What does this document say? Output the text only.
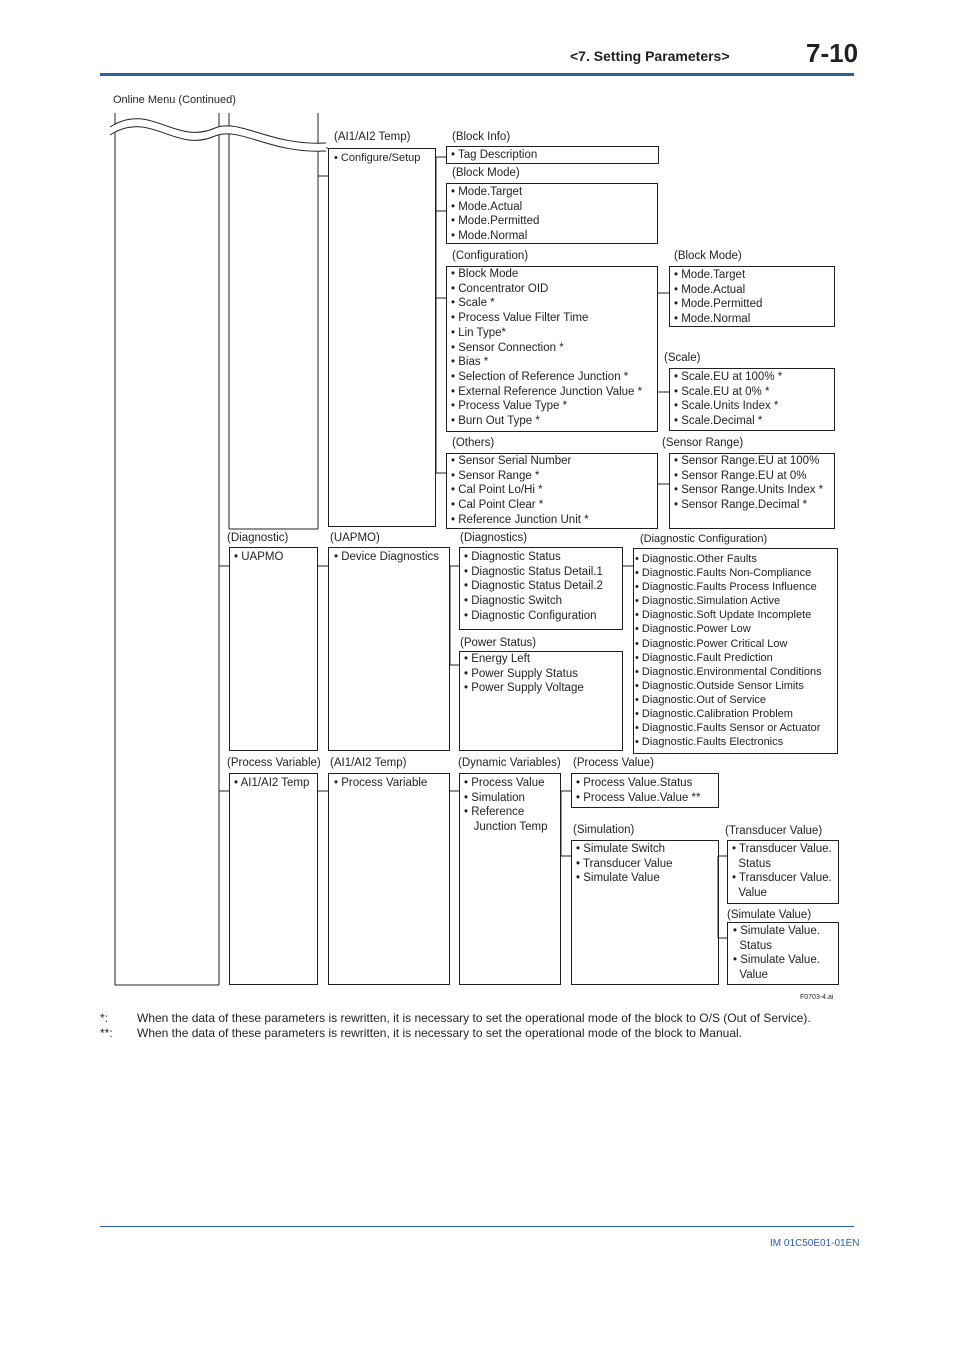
<7. Setting Parameters>	7-10
Online Menu (Continued)
(AI1/AI2 Temp)
• Configure/Setup
(Block Info)
• Tag Description
(Block Mode)
• Mode.Target
• Mode.Actual
• Mode.Permitted
• Mode.Normal
(Configuration)
• Block Mode
• Concentrator OID
• Scale *
• Process Value Filter Time
• Lin Type*
• Sensor Connection *
• Bias *
• Selection of Reference Junction *
• External Reference Junction Value *
• Process Value Type *
• Burn Out Type *
(Block Mode)
• Mode.Target
• Mode.Actual
• Mode.Permitted
• Mode.Normal
(Scale)
• Scale.EU at 100% *
• Scale.EU at 0% *
• Scale.Units Index *
• Scale.Decimal *
(Others)
• Sensor Serial Number
• Sensor Range *
• Cal Point Lo/Hi *
• Cal Point Clear *
• Reference Junction Unit *
(Sensor Range)
• Sensor Range.EU at 100%
• Sensor Range.EU at 0%
• Sensor Range.Units Index *
• Sensor Range.Decimal *
(Diagnostic)
• UAPMO
(UAPMO)
• Device Diagnostics
(Diagnostics)
• Diagnostic Status
• Diagnostic Status Detail.1
• Diagnostic Status Detail.2
• Diagnostic Switch
• Diagnostic Configuration
(Diagnostic Configuration)
• Diagnostic.Other Faults
• Diagnostic.Faults Non-Compliance
• Diagnostic.Faults Process Influence
• Diagnostic.Simulation Active
• Diagnostic.Soft Update Incomplete
• Diagnostic.Power Low
• Diagnostic.Power Critical Low
• Diagnostic.Fault Prediction
• Diagnostic.Environmental Conditions
• Diagnostic.Outside Sensor Limits
• Diagnostic.Out of Service
• Diagnostic.Calibration Problem
• Diagnostic.Faults Sensor or Actuator
• Diagnostic.Faults Electronics
(Power Status)
• Energy Left
• Power Supply Status
• Power Supply Voltage
(Process Variable)
• AI1/AI2 Temp
(AI1/AI2 Temp)
• Process Variable
(Dynamic Variables)
• Process Value
• Simulation
• Reference
Junction Temp
(Process Value)
• Process Value.Status
• Process Value.Value **
(Simulation)
• Simulate Switch
• Transducer Value
• Simulate Value
(Transducer Value)
• Transducer Value.
Status
• Transducer Value.
Value
(Simulate Value)
• Simulate Value.
Status
• Simulate Value.
Value
F0703-4.ai
*: When the data of these parameters is rewritten, it is necessary to set the operational mode of the block to O/S (Out of Service).
**: When the data of these parameters is rewritten, it is necessary to set the operational mode of the block to Manual.
IM 01C50E01-01EN
